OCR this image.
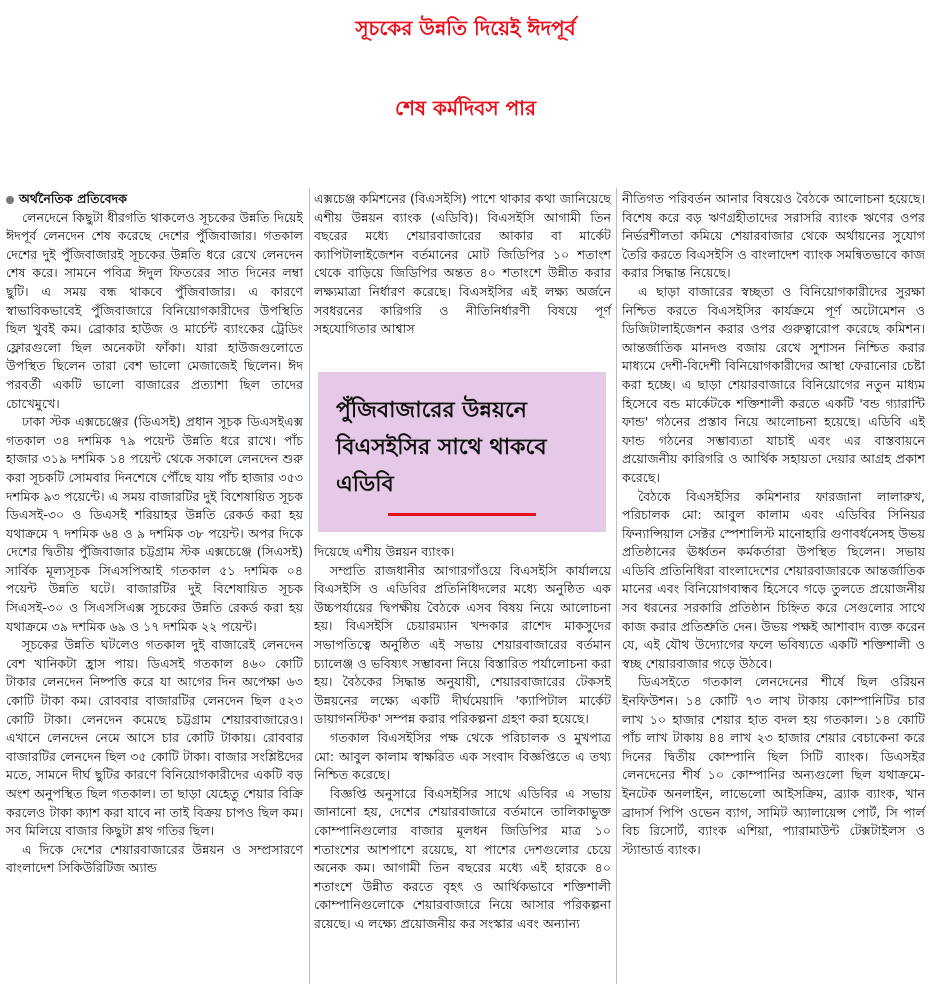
সূচকের উন্নতি দিয়েই ঈদপূর্ব
শেষ কর্মদিবস পার

অর্থনৈতিক প্রতিবেদক

লেনদেনে কিছুটা ধীরগতি থাকলেও সূচকের উন্নতি দিয়েই ঈদপূর্ব লেনদেন শেষ করেছে দেশের পুঁজিবাজার। গতকাল দেশের দুই পুঁজিবাজারই সূচকের উন্নতি ধরে রেখে লেনদেন শেষ করে। সামনে পবিত্র ঈদুল ফিতরের সাত দিনের লম্বা ছুটি। এ সময় বন্ধ থাকবে পুঁজিবাজার। এ কারণে স্বাভাবিকভাবেই পুঁজিবাজারে বিনিয়োগকারীদের উপস্থিতি ছিল খুবই কম। ব্রোকার হাউজ ও মার্চেন্ট ব্যাংকের ট্রেডিং ফ্লোরগুলো ছিল অনেকটা ফাঁকা। যারা হাউজগুলোতে উপস্থিত ছিলেন তারা বেশ ভালো মেজাজেই ছিলেন। ঈদ পরবর্তী একটি ভালো বাজারের প্রত্যাশা ছিল তাদের চোখেমুখে।

ঢাকা স্টক এক্সচেঞ্জের (ডিএসই) প্রধান সূচক ডিএসইএক্স গতকাল ৩৪ দশমিক ৭৯ পয়েন্ট উন্নতি ধরে রাখে। পাঁচ হাজার ৩১৯ দশমিক ১৪ পয়েন্ট থেকে সকালে লেনদেন শুরু করা সূচকটি সোমবার দিনশেষে পৌঁছে যায় পাঁচ হাজার ৩৫৩ দশমিক ৯৩ পয়েন্টে। এ সময় বাজারটির দুই বিশেষায়িত সূচক ডিএসই-৩০ ও ডিএসই শরিয়াহর উন্নতি রেকর্ড করা হয় যথাক্রমে ৭ দশমিক ৬৪ ও ৯ দশমিক ৩৮ পয়েন্ট। অপর দিকে দেশের দ্বিতীয় পুঁজিবাজার চট্টগ্রাম স্টক এক্সচেঞ্জে (সিএসই) সার্বিক মূল্যসূচক সিএসপিআই গতকাল ৫১ দশমিক ০৪ পয়েন্ট উন্নতি ঘটে। বাজারটির দুই বিশেষায়িত সূচক সিএসই-৩০ ও সিএসসিএক্স সূচকের উন্নতি রেকর্ড করা হয় যথাক্রমে ৩৯ দশমিক ৬৯ ও ১৭ দশমিক ২২ পয়েন্ট।

সূচকের উন্নতি ঘটলেও গতকাল দুই বাজারেই লেনদেন বেশ খানিকটা হ্রাস পায়। ডিএসই গতকাল ৪৬০ কোটি টাকার লেনদেন নিষ্পত্তি করে যা আগের দিন অপেক্ষা ৬৩ কোটি টাকা কম। রোববার বাজারটির লেনদেন ছিল ৫২৩ কোটি টাকা। লেনদেন কমেছে চট্টগ্রাম শেয়ারবাজারেও। এখানে লেনদেন নেমে আসে চার কোটি টাকায়। রোববার বাজারটির লেনদেন ছিল ৩৫ কোটি টাকা। বাজার সংশ্লিষ্টদের মতে, সামনে দীর্ঘ ছুটির কারণে বিনিয়োগকারীদের একটি বড় অংশ অনুপস্থিত ছিল গতকাল। তা ছাড়া যেহেতু শেয়ার বিক্রি করলেও টাকা ক্যাশ করা যাবে না তাই বিক্রয় চাপও ছিল কম। সব মিলিয়ে বাজার কিছুটা শ্লথ গতির ছিল।

এ দিকে দেশের শেয়ারবাজারের উন্নয়ন ও সম্প্রসারণে বাংলাদেশ সিকিউরিটিজ অ্যান্ড

এক্সচেঞ্জ কমিশনের (বিএসইসি) পাশে থাকার কথা জানিয়েছে এশীয় উন্নয়ন ব্যাংক (এডিবি)। বিএসইসি আগামী তিন বছরের মধ্যে শেয়ারবাজারের আকার বা মার্কেট ক্যাপিটালাইজেশন বর্তমানের মোট জিডিপির ১০ শতাংশ থেকে বাড়িয়ে জিডিপির অন্তত ৪০ শতাংশে উন্নীত করার লক্ষ্যমাত্রা নির্ধারণ করেছে। বিএসইসির এই লক্ষ্য অর্জনে সবধরনের কারিগরি ও নীতিনির্ধারণী বিষয়ে পূর্ণ সহযোগিতার আশ্বাস

পুঁজিবাজারের উন্নয়নে বিএসইসির সাথে থাকবে এডিবি

দিয়েছে এশীয় উন্নয়ন ব্যাংক।

সম্প্রতি রাজধানীর আগারগাঁওয়ে বিএসইসি কার্যালয়ে বিএসইসি ও এডিবির প্রতিনিধিদলের মধ্যে অনুষ্ঠিত এক উচ্চপর্যায়ের দ্বিপক্ষীয় বৈঠকে এসব বিষয় নিয়ে আলোচনা হয়। বিএসইসি চেয়ারম্যান খন্দকার রাশেদ মাকসুদের সভাপতিত্বে অনুষ্ঠিত এই সভায় শেয়ারবাজারের বর্তমান চ্যালেঞ্জ ও ভবিষ্যৎ সম্ভাবনা নিয়ে বিস্তারিত পর্যালোচনা করা হয়। বৈঠকের সিদ্ধান্ত অনুযায়ী, শেয়ারবাজারের টেকসই উন্নয়নের লক্ষ্যে একটি দীর্ঘমেয়াদি 'ক্যাপিটাল মার্কেট ডায়াগনস্টিক' সম্পন্ন করার পরিকল্পনা গ্রহণ করা হয়েছে।

গতকাল বিএসইসির পক্ষ থেকে পরিচালক ও মুখপাত্র মো: আবুল কালাম স্বাক্ষরিত এক সংবাদ বিজ্ঞপ্তিতে এ তথ্য নিশ্চিত করেছে।

বিজ্ঞপ্তি অনুসারে বিএসইসির সাথে এডিবির এ সভায় জানানো হয়, দেশের শেয়ারবাজারে বর্তমানে তালিকাভুক্ত কোম্পানিগুলোর বাজার মূলধন জিডিপির মাত্র ১০ শতাংশের আশপাশে রয়েছে, যা পাশের দেশগুলোর চেয়ে অনেক কম। আগামী তিন বছরের মধ্যে এই হারকে ৪০ শতাংশে উন্নীত করতে বৃহৎ ও আর্থিকভাবে শক্তিশালী কোম্পানিগুলোকে শেয়ারবাজারে নিয়ে আসার পরিকল্পনা রয়েছে। এ লক্ষ্যে প্রয়োজনীয় কর সংস্কার এবং অন্যান্য

নীতিগত পরিবর্তন আনার বিষয়েও বৈঠকে আলোচনা হয়েছে। বিশেষ করে বড় ঋণগ্রহীতাদের সরাসরি ব্যাংক ঋণের ওপর নির্ভরশীলতা কমিয়ে শেয়ারবাজার থেকে অর্থায়নের সুযোগ তৈরি করতে বিএসইসি ও বাংলাদেশ ব্যাংক সমন্বিতভাবে কাজ করার সিদ্ধান্ত নিয়েছে।

এ ছাড়া বাজারের স্বচ্ছতা ও বিনিয়োগকারীদের সুরক্ষা নিশ্চিত করতে বিএসইসির কার্যক্রমে পূর্ণ অটোমেশন ও ডিজিটালাইজেশন করার ওপর গুরুত্বারোপ করেছে কমিশন। আন্তর্জাতিক মানদণ্ড বজায় রেখে সুশাসন নিশ্চিত করার মাধ্যমে দেশী-বিদেশী বিনিয়োগকারীদের আস্থা ফেরানোর চেষ্টা করা হচ্ছে। এ ছাড়া শেয়ারবাজারে বিনিয়োগের নতুন মাধ্যম হিসেবে বন্ড মার্কেটকে শক্তিশালী করতে একটি 'বন্ড গ্যারান্টি ফান্ড' গঠনের প্রস্তাব নিয়ে আলোচনা হয়েছে। এডিবি এই ফান্ড গঠনের সম্ভাব্যতা যাচাই এবং এর বাস্তবায়নে প্রয়োজনীয় কারিগরি ও আর্থিক সহায়তা দেয়ার আগ্রহ প্রকাশ করেছে।

বৈঠকে বিএসইসির কমিশনার ফারজানা লালারুখ, পরিচালক মো: আবুল কালাম এবং এডিবির সিনিয়র ফিন্যান্সিয়াল সেক্টর স্পেশালিস্ট মানোহারি গুণাবর্ধনেসহ উভয় প্রতিষ্ঠানের ঊর্ধ্বতন কর্মকর্তারা উপস্থিত ছিলেন। সভায় এডিবি প্রতিনিধিরা বাংলাদেশের শেয়ারবাজারকে আন্তর্জাতিক মানের এবং বিনিয়োগবান্ধব হিসেবে গড়ে তুলতে প্রয়োজনীয় সব ধরনের সরকারি প্রতিষ্ঠান চিহ্নিত করে সেগুলোর সাথে কাজ করার প্রতিশ্রুতি দেন। উভয় পক্ষই আশাবাদ ব্যক্ত করেন যে, এই যৌথ উদ্যোগের ফলে ভবিষ্যতে একটি শক্তিশালী ও স্বচ্ছ শেয়ারবাজার গড়ে উঠবে।

ডিএসইতে গতকাল লেনদেনের শীর্ষে ছিল ওরিয়ন ইনফিউশন। ১৪ কোটি ৭৩ লাখ টাকায় কোম্পানিটির চার লাখ ১০ হাজার শেয়ার হাত বদল হয় গতকাল। ১৪ কোটি পাঁচ লাখ টাকায় ৪৪ লাখ ২৩ হাজার শেয়ার বেচাকেনা করে দিনের দ্বিতীয় কোম্পানি ছিল সিটি ব্যাংক। ডিএসইর লেনদেনের শীর্ষ ১০ কোম্পানির অন্যগুলো ছিল যথাক্রমে- ইনটেক অনলাইন, লাভেলো আইসক্রিম, ব্র্যাক ব্যাংক, খান ব্রাদার্স পিপি ওভেন ব্যাগ, সামিট অ্যালায়েন্স পোর্ট, সি পার্ল বিচ রিসোর্ট, ব্যাংক এশিয়া, প্যারামাউন্ট টেক্সটাইলস ও স্ট্যান্ডার্ড ব্যাংক।
